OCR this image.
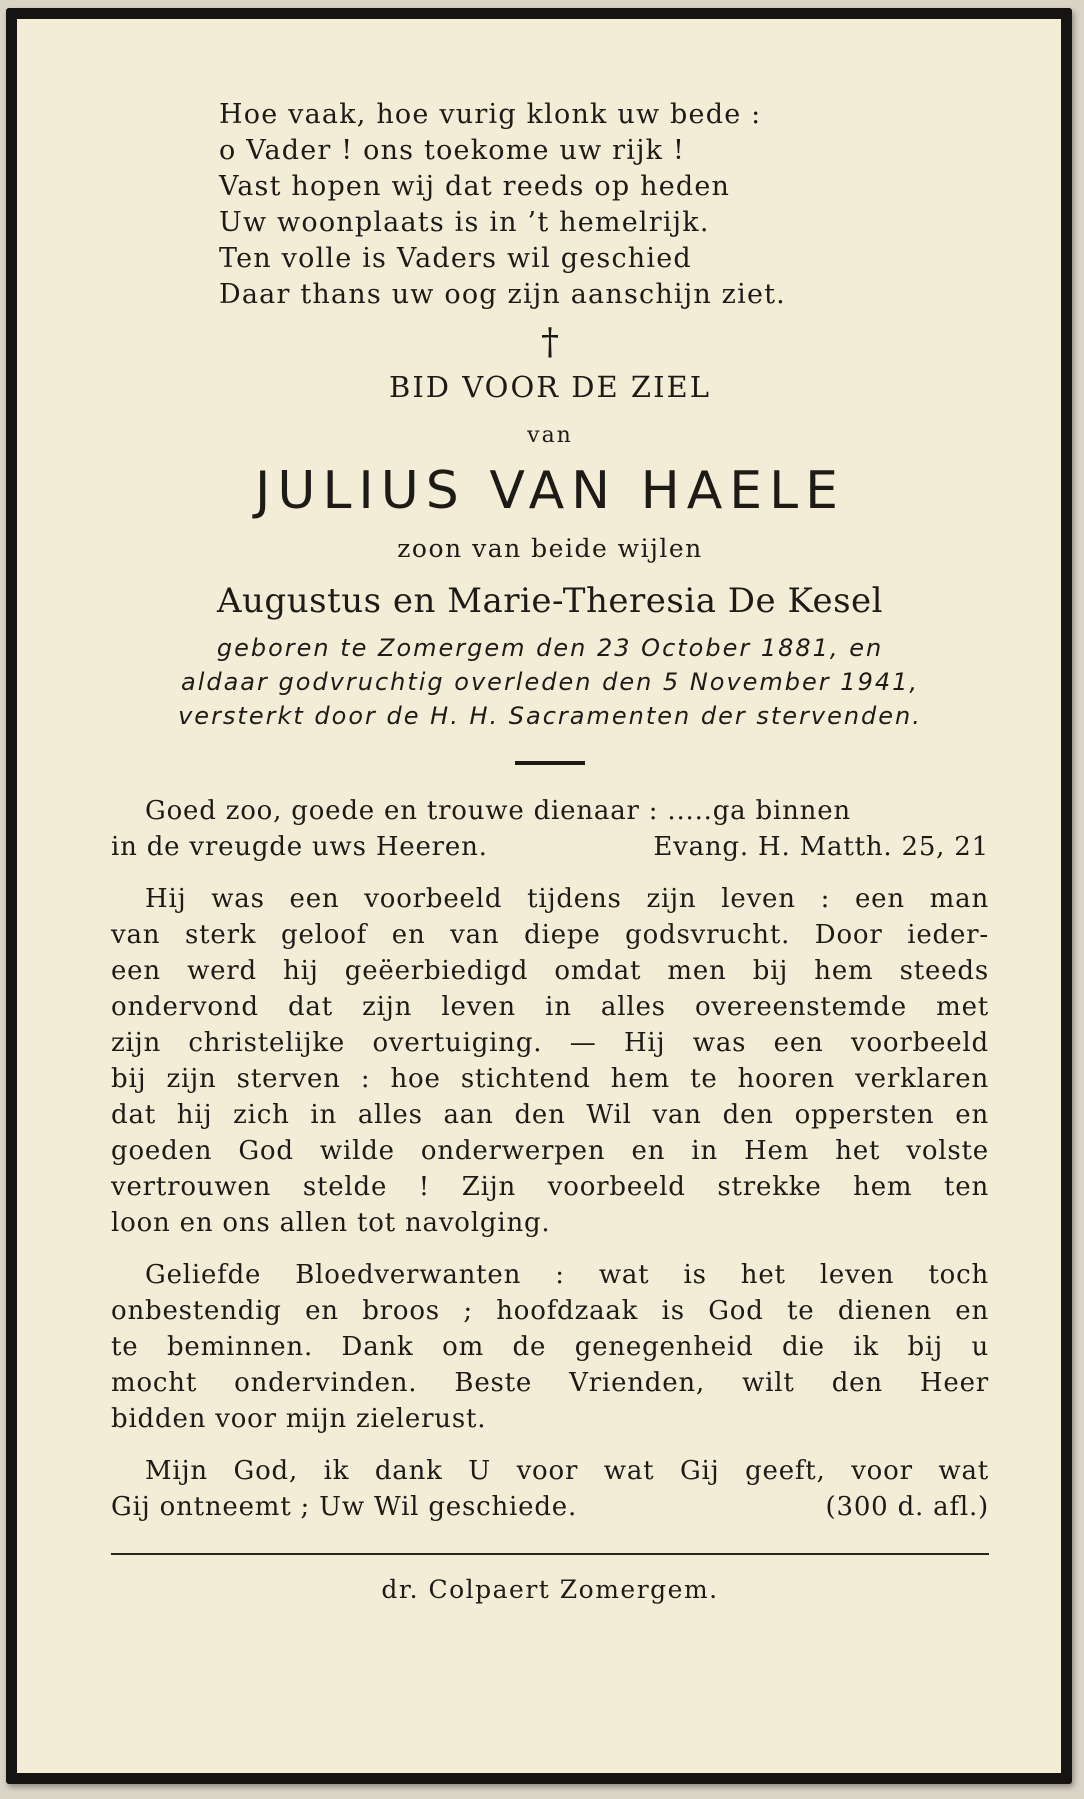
Hoe vaak, hoe vurig klonk uw bede :
o Vader ! ons toekome uw rijk !
Vast hopen wij dat reeds op heden
Uw woonplaats is in ’t hemelrijk.
Ten volle is Vaders wil geschied
Daar thans uw oog zijn aanschijn ziet.
†
BID VOOR DE ZIEL
van
JULIUS VAN HAELE
zoon van beide wijlen
Augustus en Marie-Theresia De Kesel
geboren te Zomergem den 23 October 1881, en
aldaar godvruchtig overleden den 5 November 1941,
versterkt door de H. H. Sacramenten der stervenden.
Goed zoo, goede en trouwe dienaar : .....ga binnen
in de vreugde uws Heeren.	Evang. H. Matth. 25, 21
Hij was een voorbeeld tijdens zijn leven : een man
van sterk geloof en van diepe godsvrucht. Door ieder-
een werd hij geëerbiedigd omdat men bij hem steeds
ondervond dat zijn leven in alles overeenstemde met
zijn christelijke overtuiging. — Hij was een voorbeeld
bij zijn sterven : hoe stichtend hem te hooren verklaren
dat hij zich in alles aan den Wil van den oppersten en
goeden God wilde onderwerpen en in Hem het volste
vertrouwen stelde ! Zijn voorbeeld strekke hem ten
loon en ons allen tot navolging.
Geliefde Bloedverwanten : wat is het leven toch
onbestendig en broos ; hoofdzaak is God te dienen en
te beminnen. Dank om de genegenheid die ik bij u
mocht ondervinden. Beste Vrienden, wilt den Heer
bidden voor mijn zielerust.
Mijn God, ik dank U voor wat Gij geeft, voor wat
Gij ontneemt ; Uw Wil geschiede.	(300 d. afl.)
dr. Colpaert Zomergem.
